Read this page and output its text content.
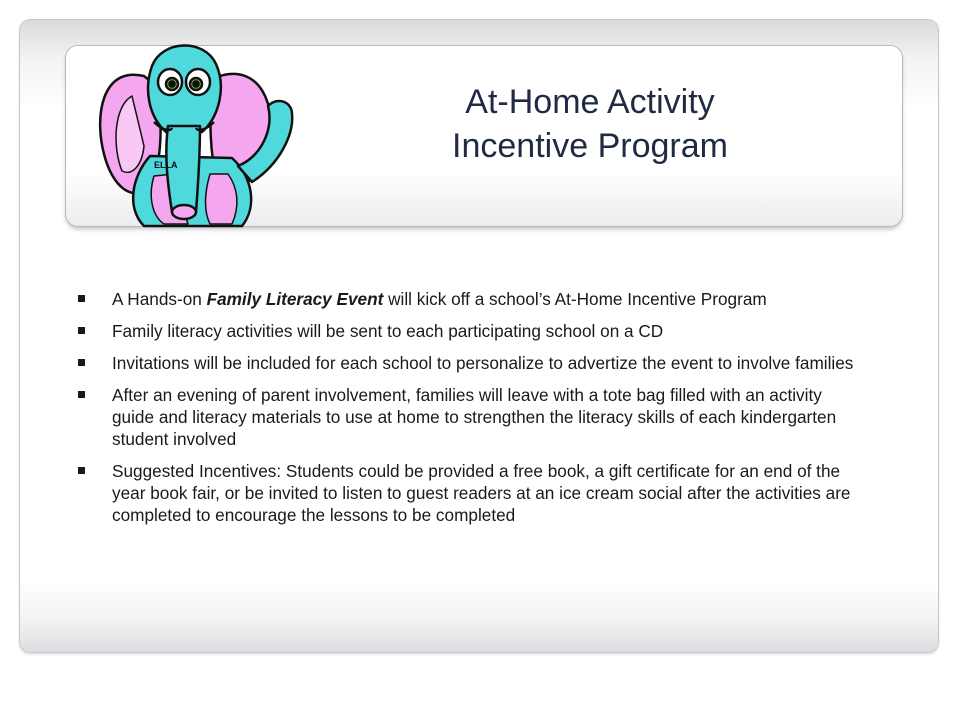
ELLA
At-Home Activity
Incentive Program
A Hands-on Family Literacy Event will kick off a school’s At-Home Incentive Program
Family literacy activities will be sent to each participating school on a CD
Invitations will be included for each school to personalize to advertize the event to involve families
After an evening of parent involvement, families will leave with a tote bag filled with an activity guide and literacy materials to use at home to strengthen the literacy skills of each kindergarten student involved
Suggested Incentives: Students could be provided a free book, a gift certificate for an end of the year book fair, or be invited to listen to guest readers at an ice cream social after the activities are completed to encourage the lessons to be completed
